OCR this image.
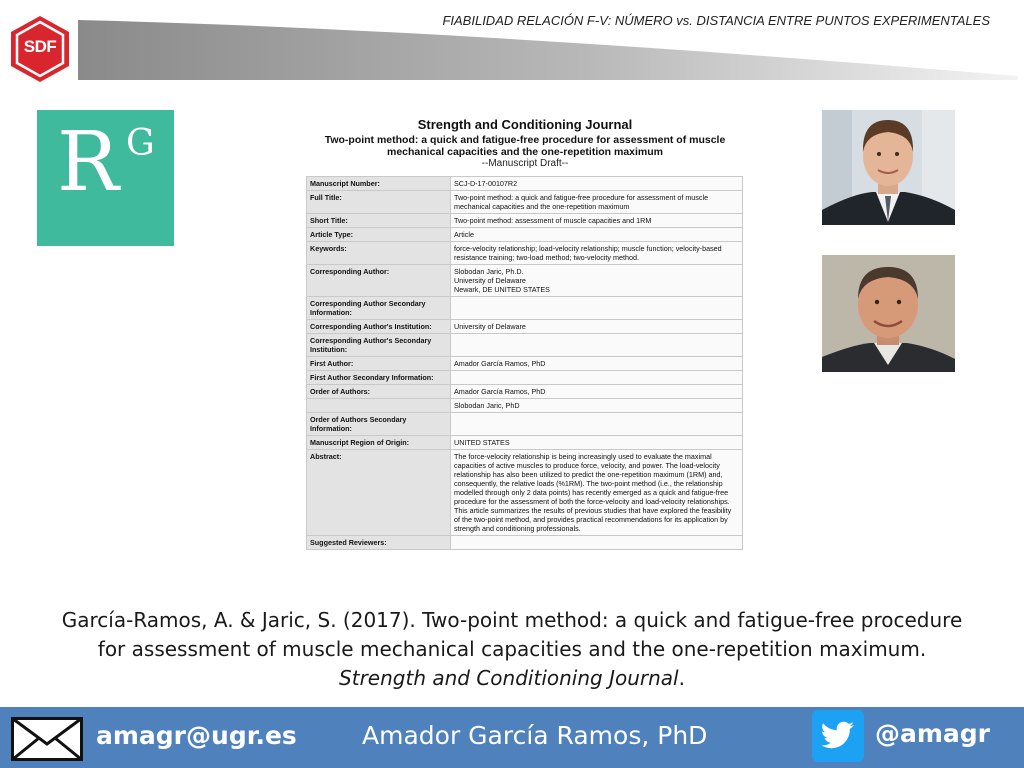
SDF
FIABILIDAD RELACIÓN F-V: NÚMERO vs. DISTANCIA ENTRE PUNTOS EXPERIMENTALES
R G	Strength and Conditioning Journal
Two-point method: a quick and fatigue-free procedure for assessment of muscle mechanical capacities and the one-repetition maximum
--Manuscript Draft--
Manuscript Number:	SCJ-D-17-00107R2
Full Title:	Two-point method: a quick and fatigue-free procedure for assessment of muscle mechanical capacities and the one-repetition maximum
Short Title:	Two-point method: assessment of muscle capacities and 1RM
Article Type:	Article
Keywords:	force-velocity relationship; load-velocity relationship; muscle function; velocity-based resistance training; two-load method; two-velocity method.
Corresponding Author:	Slobodan Jaric, Ph.D.
University of Delaware
Newark, DE UNITED STATES

Corresponding Author Secondary Information:	
Corresponding Author's Institution:	University of Delaware
Corresponding Author's Secondary Institution:	
First Author:	Amador García Ramos, PhD
First Author Secondary Information:	
Order of Authors:	Amador García Ramos, PhD
	Slobodan Jaric, PhD
Order of Authors Secondary Information:	
Manuscript Region of Origin:	UNITED STATES
Abstract:	The force-velocity relationship is being increasingly used to evaluate the maximal capacities of active muscles to produce force, velocity, and power. The load-velocity relationship has also been utilized to predict the one-repetition maximum (1RM) and, consequently, the relative loads (%1RM). The two-point method (i.e., the relationship modelled through only 2 data points) has recently emerged as a quick and fatigue-free procedure for the assessment of both the force-velocity and load-velocity relationships. This article summarizes the results of previous studies that have explored the feasibility of the two-point method, and provides practical recommendations for its application by strength and conditioning professionals.
Suggested Reviewers:	
García-Ramos, A. & Jaric, S. (2017). Two-point method: a quick and fatigue-free procedure for assessment of muscle mechanical capacities and the one-repetition maximum.
Strength and Conditioning Journal.
amagr@ugr.es	Amador García Ramos, PhD	@amagr
